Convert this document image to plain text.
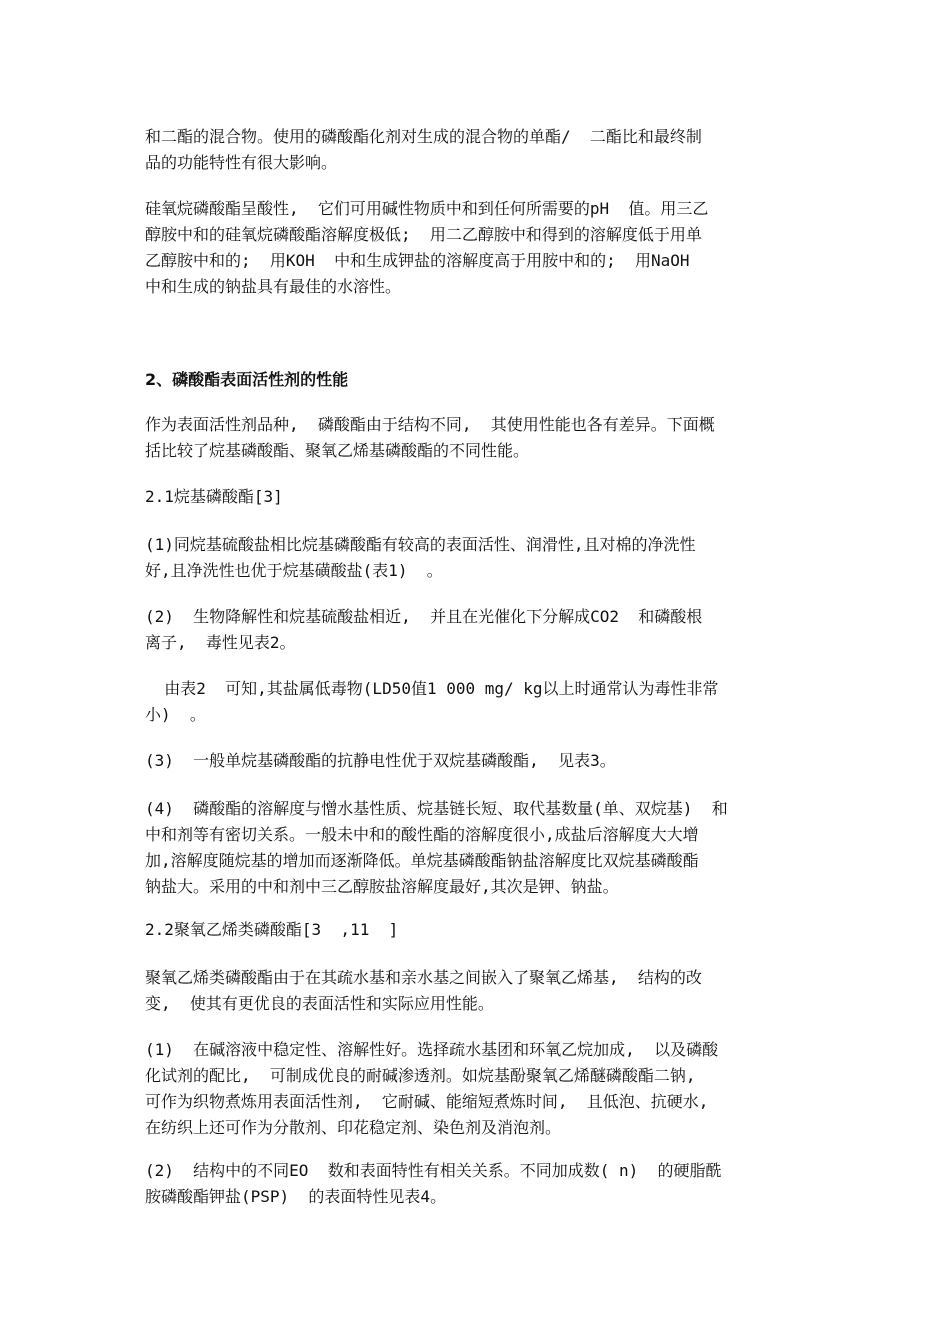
和二酯的混合物。使用的磷酸酯化剂对生成的混合物的单酯/  二酯比和最终制
品的功能特性有很大影响。
硅氧烷磷酸酯呈酸性,  它们可用碱性物质中和到任何所需要的pH  值。用三乙
醇胺中和的硅氧烷磷酸酯溶解度极低;  用二乙醇胺中和得到的溶解度低于用单
乙醇胺中和的;  用KOH  中和生成钾盐的溶解度高于用胺中和的;  用NaOH
中和生成的钠盐具有最佳的水溶性。
2、磷酸酯表面活性剂的性能
作为表面活性剂品种,  磷酸酯由于结构不同,  其使用性能也各有差异。下面概
括比较了烷基磷酸酯、聚氧乙烯基磷酸酯的不同性能。
2.1烷基磷酸酯[3]
(1)同烷基硫酸盐相比烷基磷酸酯有较高的表面活性、润滑性,且对棉的净洗性
好,且净洗性也优于烷基磺酸盐(表1)  。
(2)  生物降解性和烷基硫酸盐相近,  并且在光催化下分解成CO2  和磷酸根
离子,  毒性见表2。
由表2  可知,其盐属低毒物(LD50值1 000 mg/ kg以上时通常认为毒性非常
小)  。
(3)  一般单烷基磷酸酯的抗静电性优于双烷基磷酸酯,  见表3。
(4)  磷酸酯的溶解度与憎水基性质、烷基链长短、取代基数量(单、双烷基)  和
中和剂等有密切关系。一般未中和的酸性酯的溶解度很小,成盐后溶解度大大增
加,溶解度随烷基的增加而逐渐降低。单烷基磷酸酯钠盐溶解度比双烷基磷酸酯
钠盐大。采用的中和剂中三乙醇胺盐溶解度最好,其次是钾、钠盐。
2.2聚氧乙烯类磷酸酯[3  ,11  ]
聚氧乙烯类磷酸酯由于在其疏水基和亲水基之间嵌入了聚氧乙烯基,  结构的改
变,  使其有更优良的表面活性和实际应用性能。
(1)  在碱溶液中稳定性、溶解性好。选择疏水基团和环氧乙烷加成,  以及磷酸
化试剂的配比,  可制成优良的耐碱渗透剂。如烷基酚聚氧乙烯醚磷酸酯二钠,
可作为织物煮炼用表面活性剂,  它耐碱、能缩短煮炼时间,  且低泡、抗硬水,
在纺织上还可作为分散剂、印花稳定剂、染色剂及消泡剂。
(2)  结构中的不同EO  数和表面特性有相关关系。不同加成数( n)  的硬脂酰
胺磷酸酯钾盐(PSP)  的表面特性见表4。
